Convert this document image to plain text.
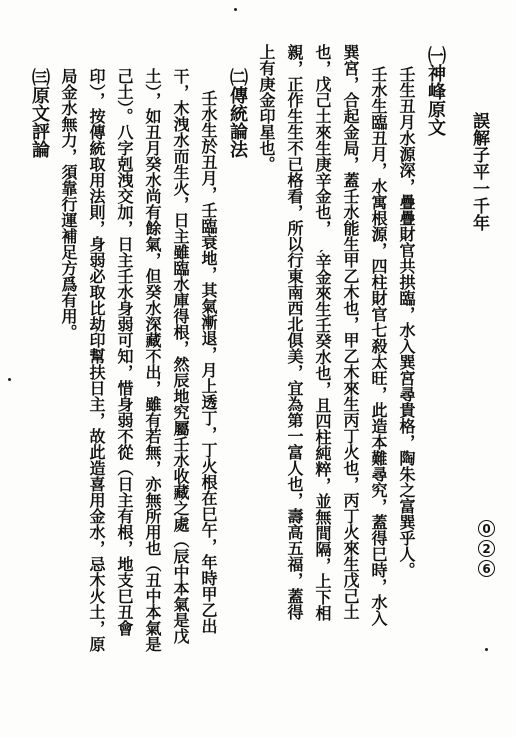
誤解子平一千年
0
2
6
㈠神峰原文
壬生丑月水源深，疊疊財官共拱臨，水入巽宮尋貴格，陶朱之富巽乎人。
壬水生臨丑月，水寓根源，四柱財官七殺太旺，此造本難尋究，蓋得巳時，水入
巽宮，合起金局，蓋壬水能生甲乙木也，甲乙木來生丙丁火也，丙丁火來生戊己土
也，戊己土來生庚辛金也，ˏ辛金來生壬癸水也，且四柱純粹，並無間隔，上下相
親，正作生生不已格看，所以行東南西北俱美，宜為第一富人也，壽高五福，蓋得
上有庚金印星也。
㈡傳統論法
壬水生於丑月，壬臨衰地，其氣漸退，月上透丁，丁火根在巳午，年時甲乙出
干，木洩水而生火，日主雖臨水庫得根，然辰地究屬壬水收藏之處（辰中本氣是戊
土），如丑月癸水尚有餘氣，但癸水深藏不出，雖有若無，亦無所用也（丑中本氣是
己土）。八字剋洩交加，日主壬水身弱可知，惜身弱不從（日主有根，地支巳丑會
印），按傳統取用法則，身弱必取比劫印幫扶日主，故此造喜用金水，忌木火土，原
局金水無力，須靠行運補足方爲有用。
㈢原文評論
